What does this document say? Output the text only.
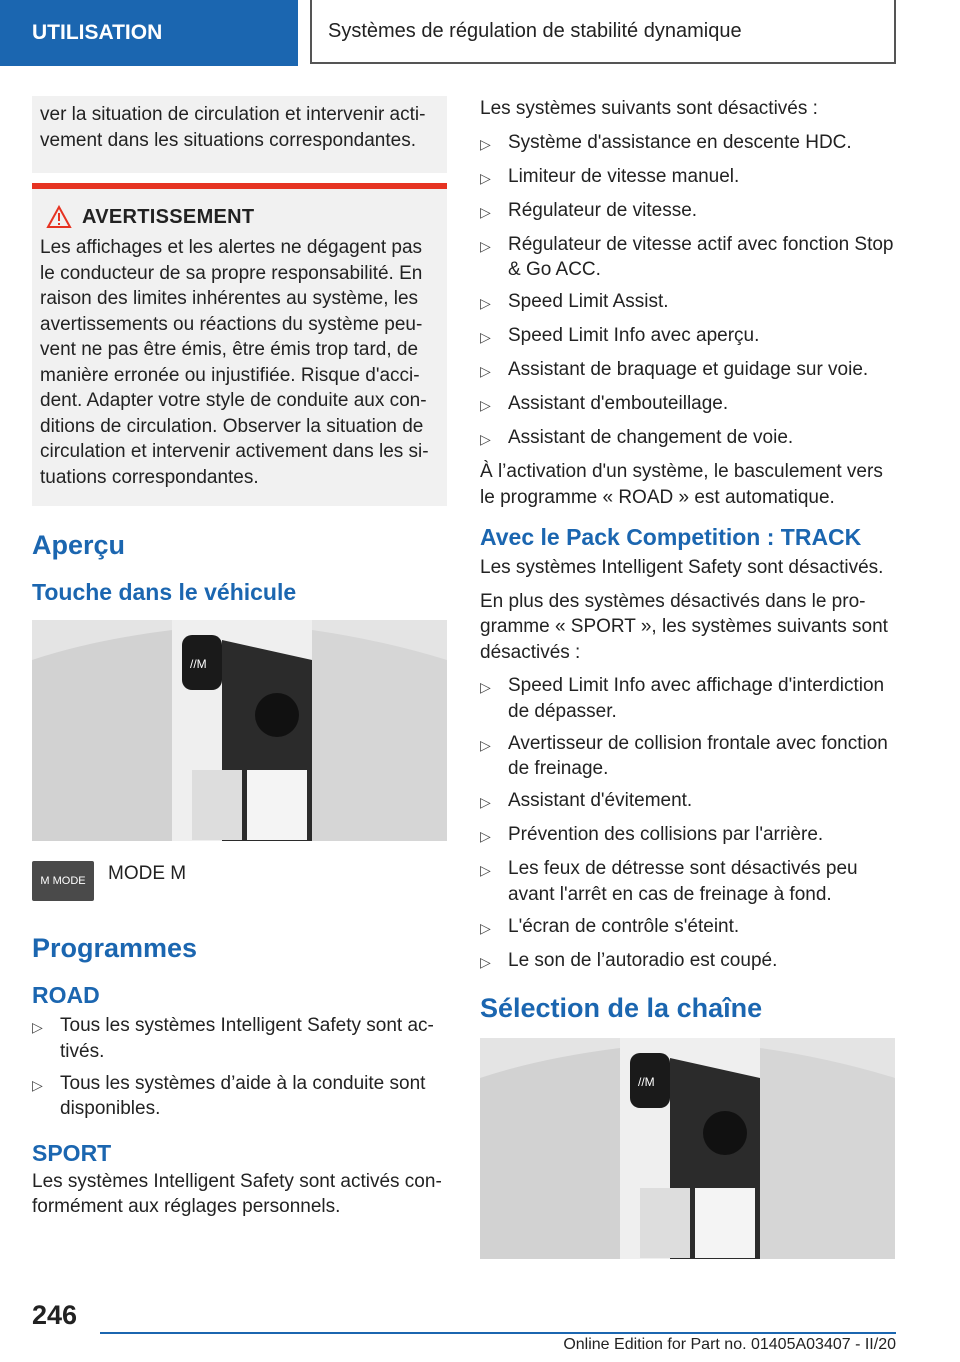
UTILISATION	Systèmes de régulation de stabilité dynamique

ver la situation de circulation et intervenir activement dans les situations correspondantes.

AVERTISSEMENT

Les affichages et les alertes ne dégagent pas le conducteur de sa propre responsabilité. En raison des limites inhérentes au système, les avertissements ou réactions du système peuvent ne pas être émis, être émis trop tard, de manière erronée ou injustifiée. Risque d'accident. Adapter votre style de conduite aux conditions de circulation. Observer la situation de circulation et intervenir activement dans les situations correspondantes.

Aperçu
Touche dans le véhicule
//M
M MODE MODE M

Programmes
ROAD
▷ Tous les systèmes Intelligent Safety sont activés.
▷ Tous les systèmes d’aide à la conduite sont disponibles.
SPORT

Les systèmes Intelligent Safety sont activés conformément aux réglages personnels.

Les systèmes suivants sont désactivés :

▷ Système d'assistance en descente HDC.
▷ Limiteur de vitesse manuel.
▷ Régulateur de vitesse.
▷ Régulateur de vitesse actif avec fonction Stop & Go ACC.
▷ Speed Limit Assist.
▷ Speed Limit Info avec aperçu.
▷ Assistant de braquage et guidage sur voie.
▷ Assistant d'embouteillage.
▷ Assistant de changement de voie.

À l’activation d'un système, le basculement vers le programme « ROAD » est automatique.

Avec le Pack Competition : TRACK

Les systèmes Intelligent Safety sont désactivés.

En plus des systèmes désactivés dans le programme « SPORT », les systèmes suivants sont désactivés :

▷ Speed Limit Info avec affichage d'interdiction de dépasser.
▷ Avertisseur de collision frontale avec fonction de freinage.
▷ Assistant d'évitement.
▷ Prévention des collisions par l'arrière.
▷ Les feux de détresse sont désactivés peu avant l'arrêt en cas de freinage à fond.
▷ L'écran de contrôle s'éteint.
▷ Le son de l’autoradio est coupé.
Sélection de la chaîne
//M
246
Online Edition for Part no. 01405A03407 - II/20
